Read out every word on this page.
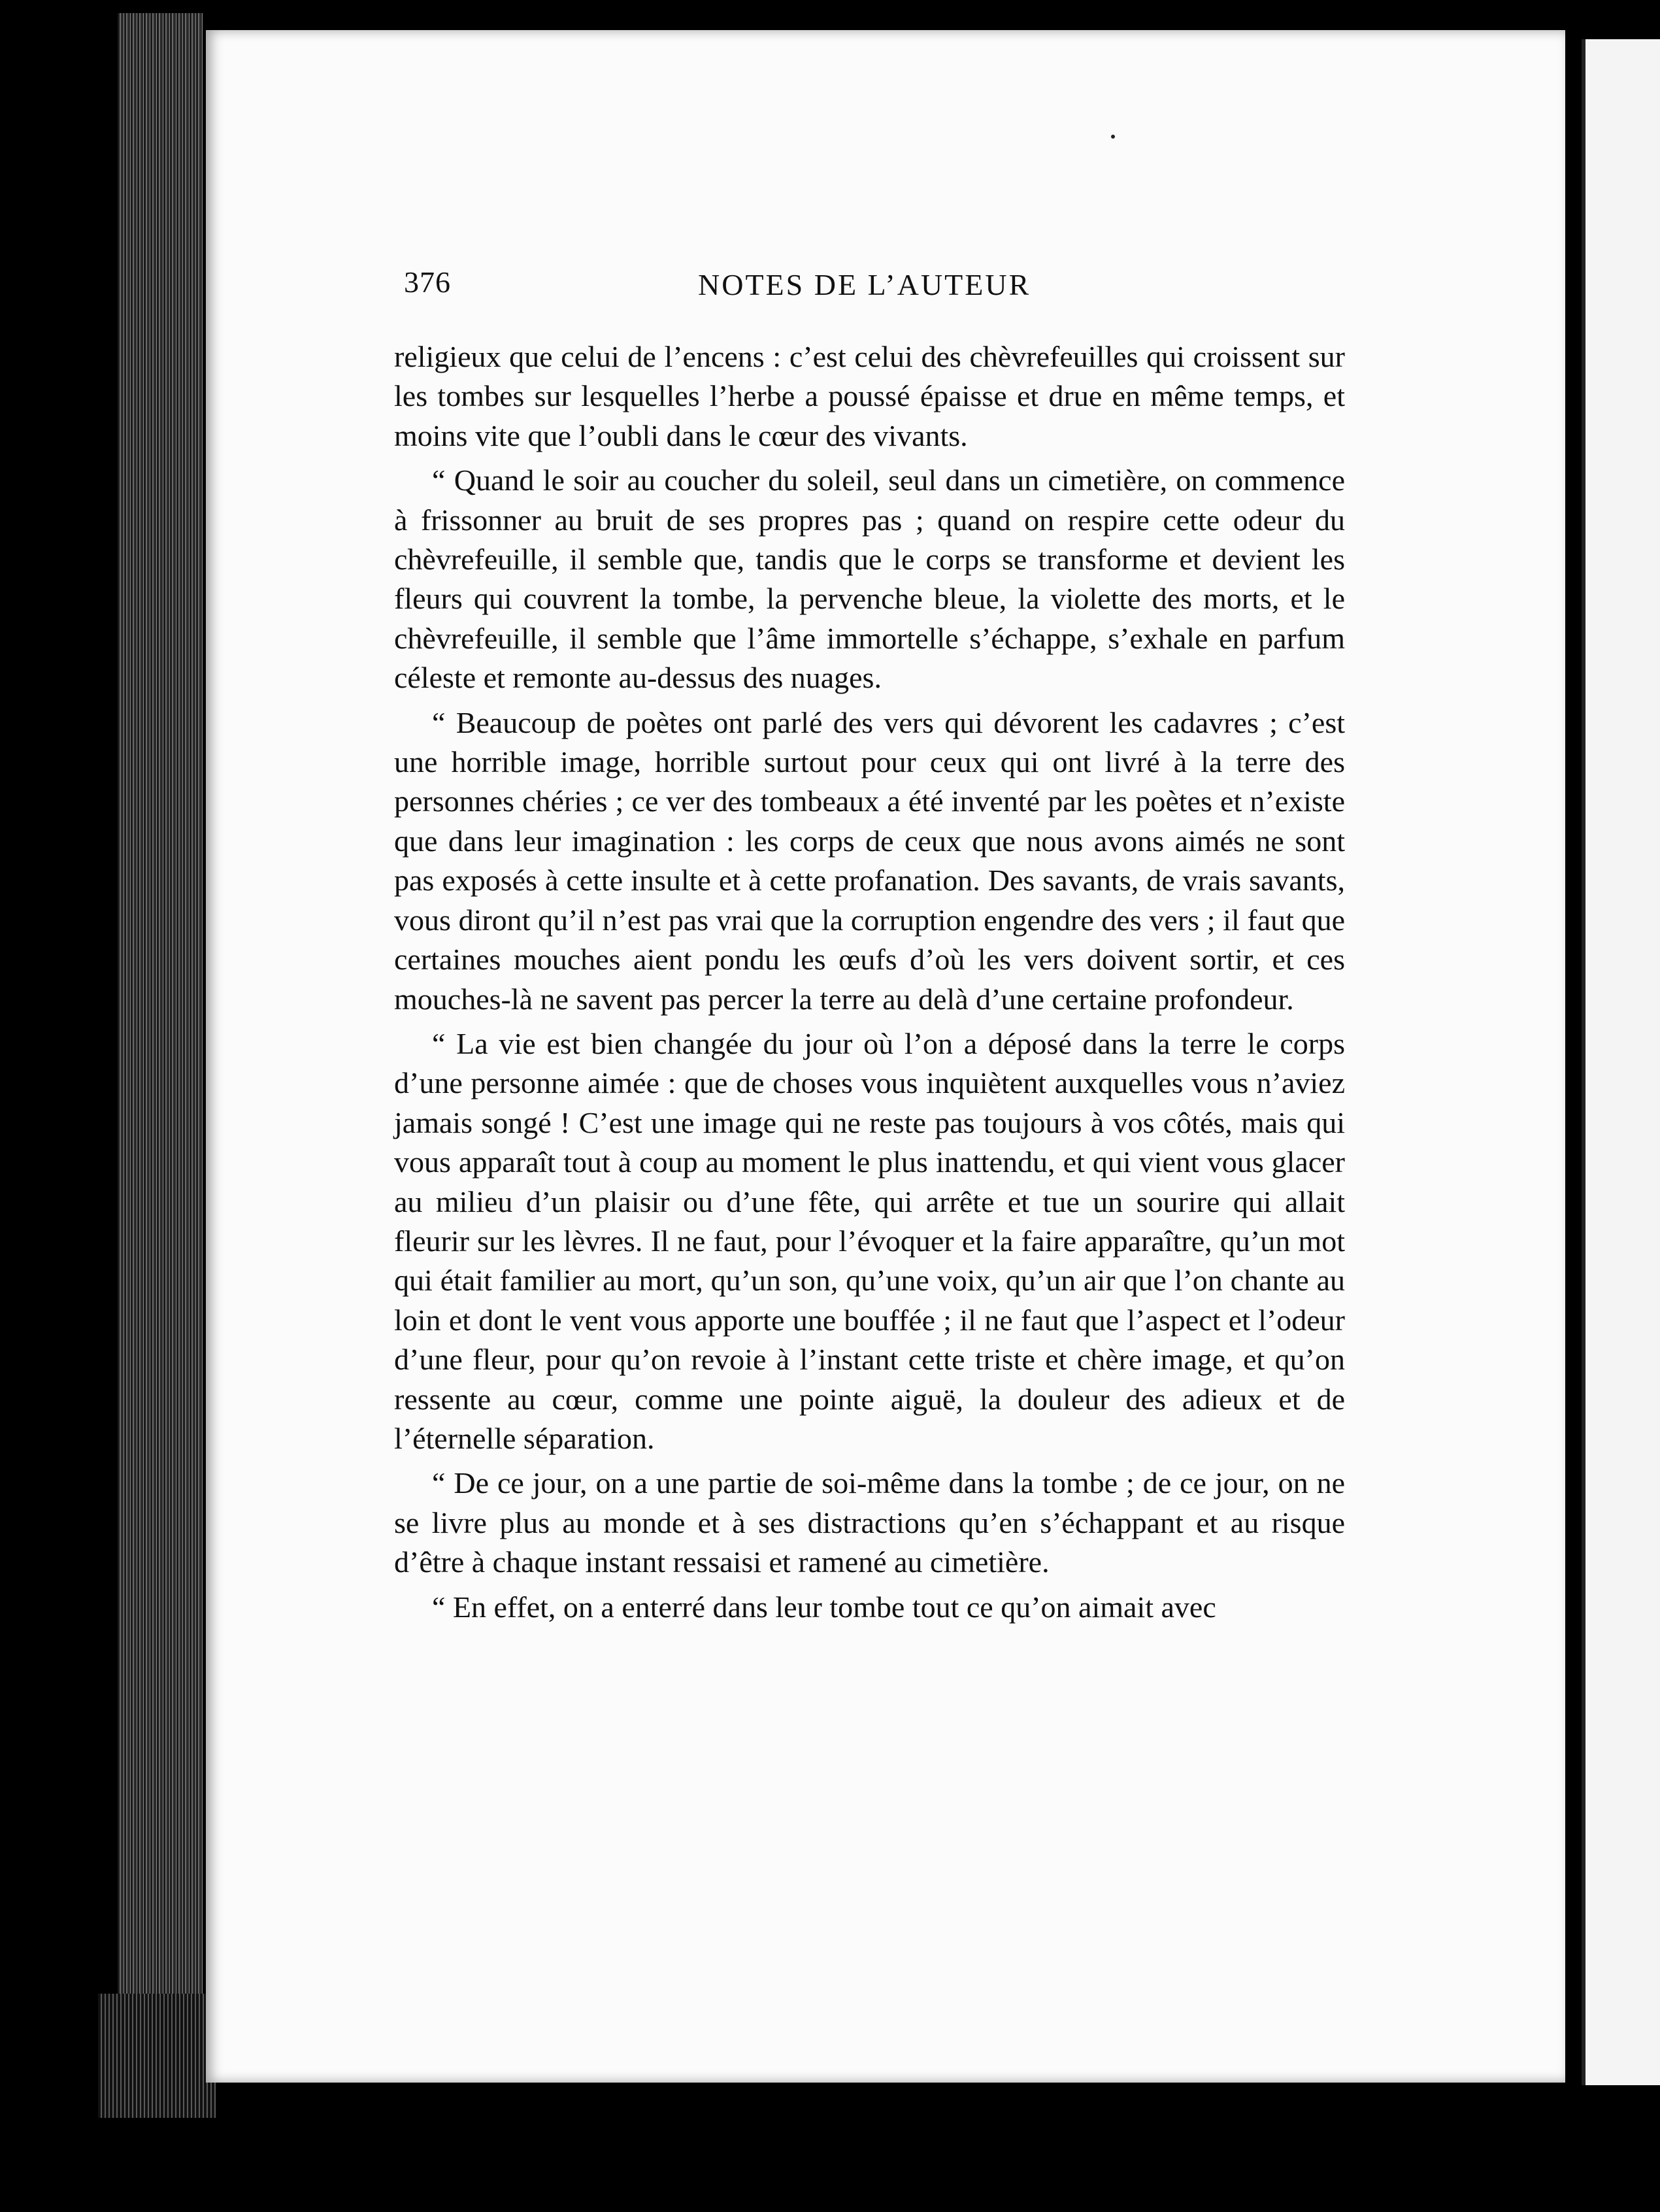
376	NOTES DE L’AUTEUR

religieux que celui de l’encens : c’est celui des chèvrefeuilles qui croissent sur les tombes sur lesquelles l’herbe a poussé épaisse et drue en même temps, et moins vite que l’oubli dans le cœur des vivants.

“ Quand le soir au coucher du soleil, seul dans un cimetière, on commence à frissonner au bruit de ses propres pas ; quand on respire cette odeur du chèvrefeuille, il semble que, tandis que le corps se transforme et devient les fleurs qui couvrent la tombe, la pervenche bleue, la violette des morts, et le chèvrefeuille, il semble que l’âme immortelle s’échappe, s’exhale en parfum céleste et remonte au-dessus des nuages.

“ Beaucoup de poètes ont parlé des vers qui dévorent les cadavres ; c’est une horrible image, horrible surtout pour ceux qui ont livré à la terre des personnes chéries ; ce ver des tombeaux a été inventé par les poètes et n’existe que dans leur imagination : les corps de ceux que nous avons aimés ne sont pas exposés à cette insulte et à cette profanation. Des savants, de vrais savants, vous diront qu’il n’est pas vrai que la corruption engendre des vers ; il faut que certaines mouches aient pondu les œufs d’où les vers doivent sortir, et ces mouches-là ne savent pas percer la terre au delà d’une certaine profondeur.

“ La vie est bien changée du jour où l’on a déposé dans la terre le corps d’une personne aimée : que de choses vous inquiètent auxquelles vous n’aviez jamais songé ! C’est une image qui ne reste pas toujours à vos côtés, mais qui vous apparaît tout à coup au moment le plus inattendu, et qui vient vous glacer au milieu d’un plaisir ou d’une fête, qui arrête et tue un sourire qui allait fleurir sur les lèvres. Il ne faut, pour l’évoquer et la faire apparaître, qu’un mot qui était familier au mort, qu’un son, qu’une voix, qu’un air que l’on chante au loin et dont le vent vous apporte une bouffée ; il ne faut que l’aspect et l’odeur d’une fleur, pour qu’on revoie à l’instant cette triste et chère image, et qu’on ressente au cœur, comme une pointe aiguë, la douleur des adieux et de l’éternelle séparation.

“ De ce jour, on a une partie de soi-même dans la tombe ; de ce jour, on ne se livre plus au monde et à ses distractions qu’en s’échappant et au risque d’être à chaque instant ressaisi et ramené au cimetière.

“ En effet, on a enterré dans leur tombe tout ce qu’on aimait avec
